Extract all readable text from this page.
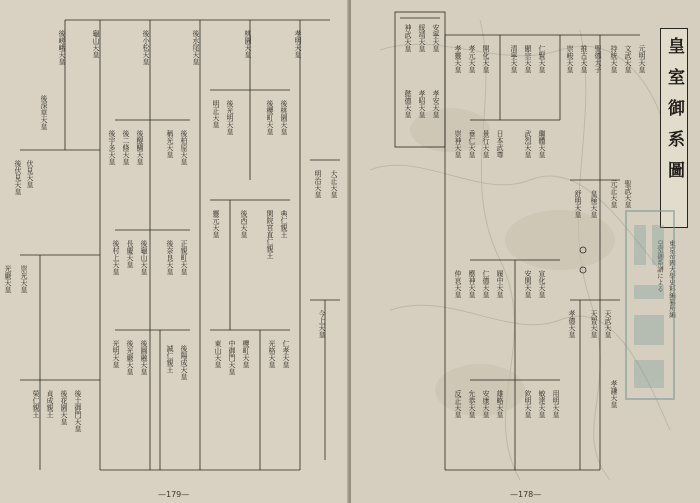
後嵯峨天皇
後深草天皇
伏見天皇
後伏見天皇
光嚴天皇 崇光天皇
榮仁親王 貞成親王 後花園天皇 後土御門天皇
龜山天皇
後宇多天皇 後二條天皇 後醍醐天皇
後村上天皇 長慶天皇 後龜山天皇
光明天皇 後光嚴天皇 後圓融天皇
後小松天皇
稱光天皇 後柏原天皇
後奈良天皇 正親町天皇
誠仁親王 後陽成天皇
後水尾天皇
明正天皇 後光明天皇
後西天皇
靈元天皇
東山天皇 中御門天皇 櫻町天皇
桃園天皇
後櫻町天皇 後桃園天皇
閑院宮直仁親王 典仁親王
光格天皇 仁孝天皇
孝明天皇
明治天皇 大正天皇
今上天皇
—179—
神武天皇 綏靖天皇 安寧天皇
懿德天皇 孝昭天皇 孝安天皇
孝靈天皇 孝元天皇 開化天皇
崇神天皇 垂仁天皇 景行天皇 日本武尊
仲哀天皇 應神天皇 仁德天皇 履中天皇
反正天皇 允恭天皇 安康天皇 雄略天皇
清寧天皇 顯宗天皇 仁賢天皇
武烈天皇 繼體天皇
安閑天皇 宣化天皇
欽明天皇 敏達天皇 用明天皇
崇峻天皇 推古天皇 聖德太子
舒明天皇 皇極天皇
孝德天皇 天智天皇 天武天皇
持統天皇 文武天皇 元明天皇
元正天皇 聖武天皇
孝謙天皇
皇室御系圖
東京帝國大學史料編纂所編
皇室御系譜による
—178—
